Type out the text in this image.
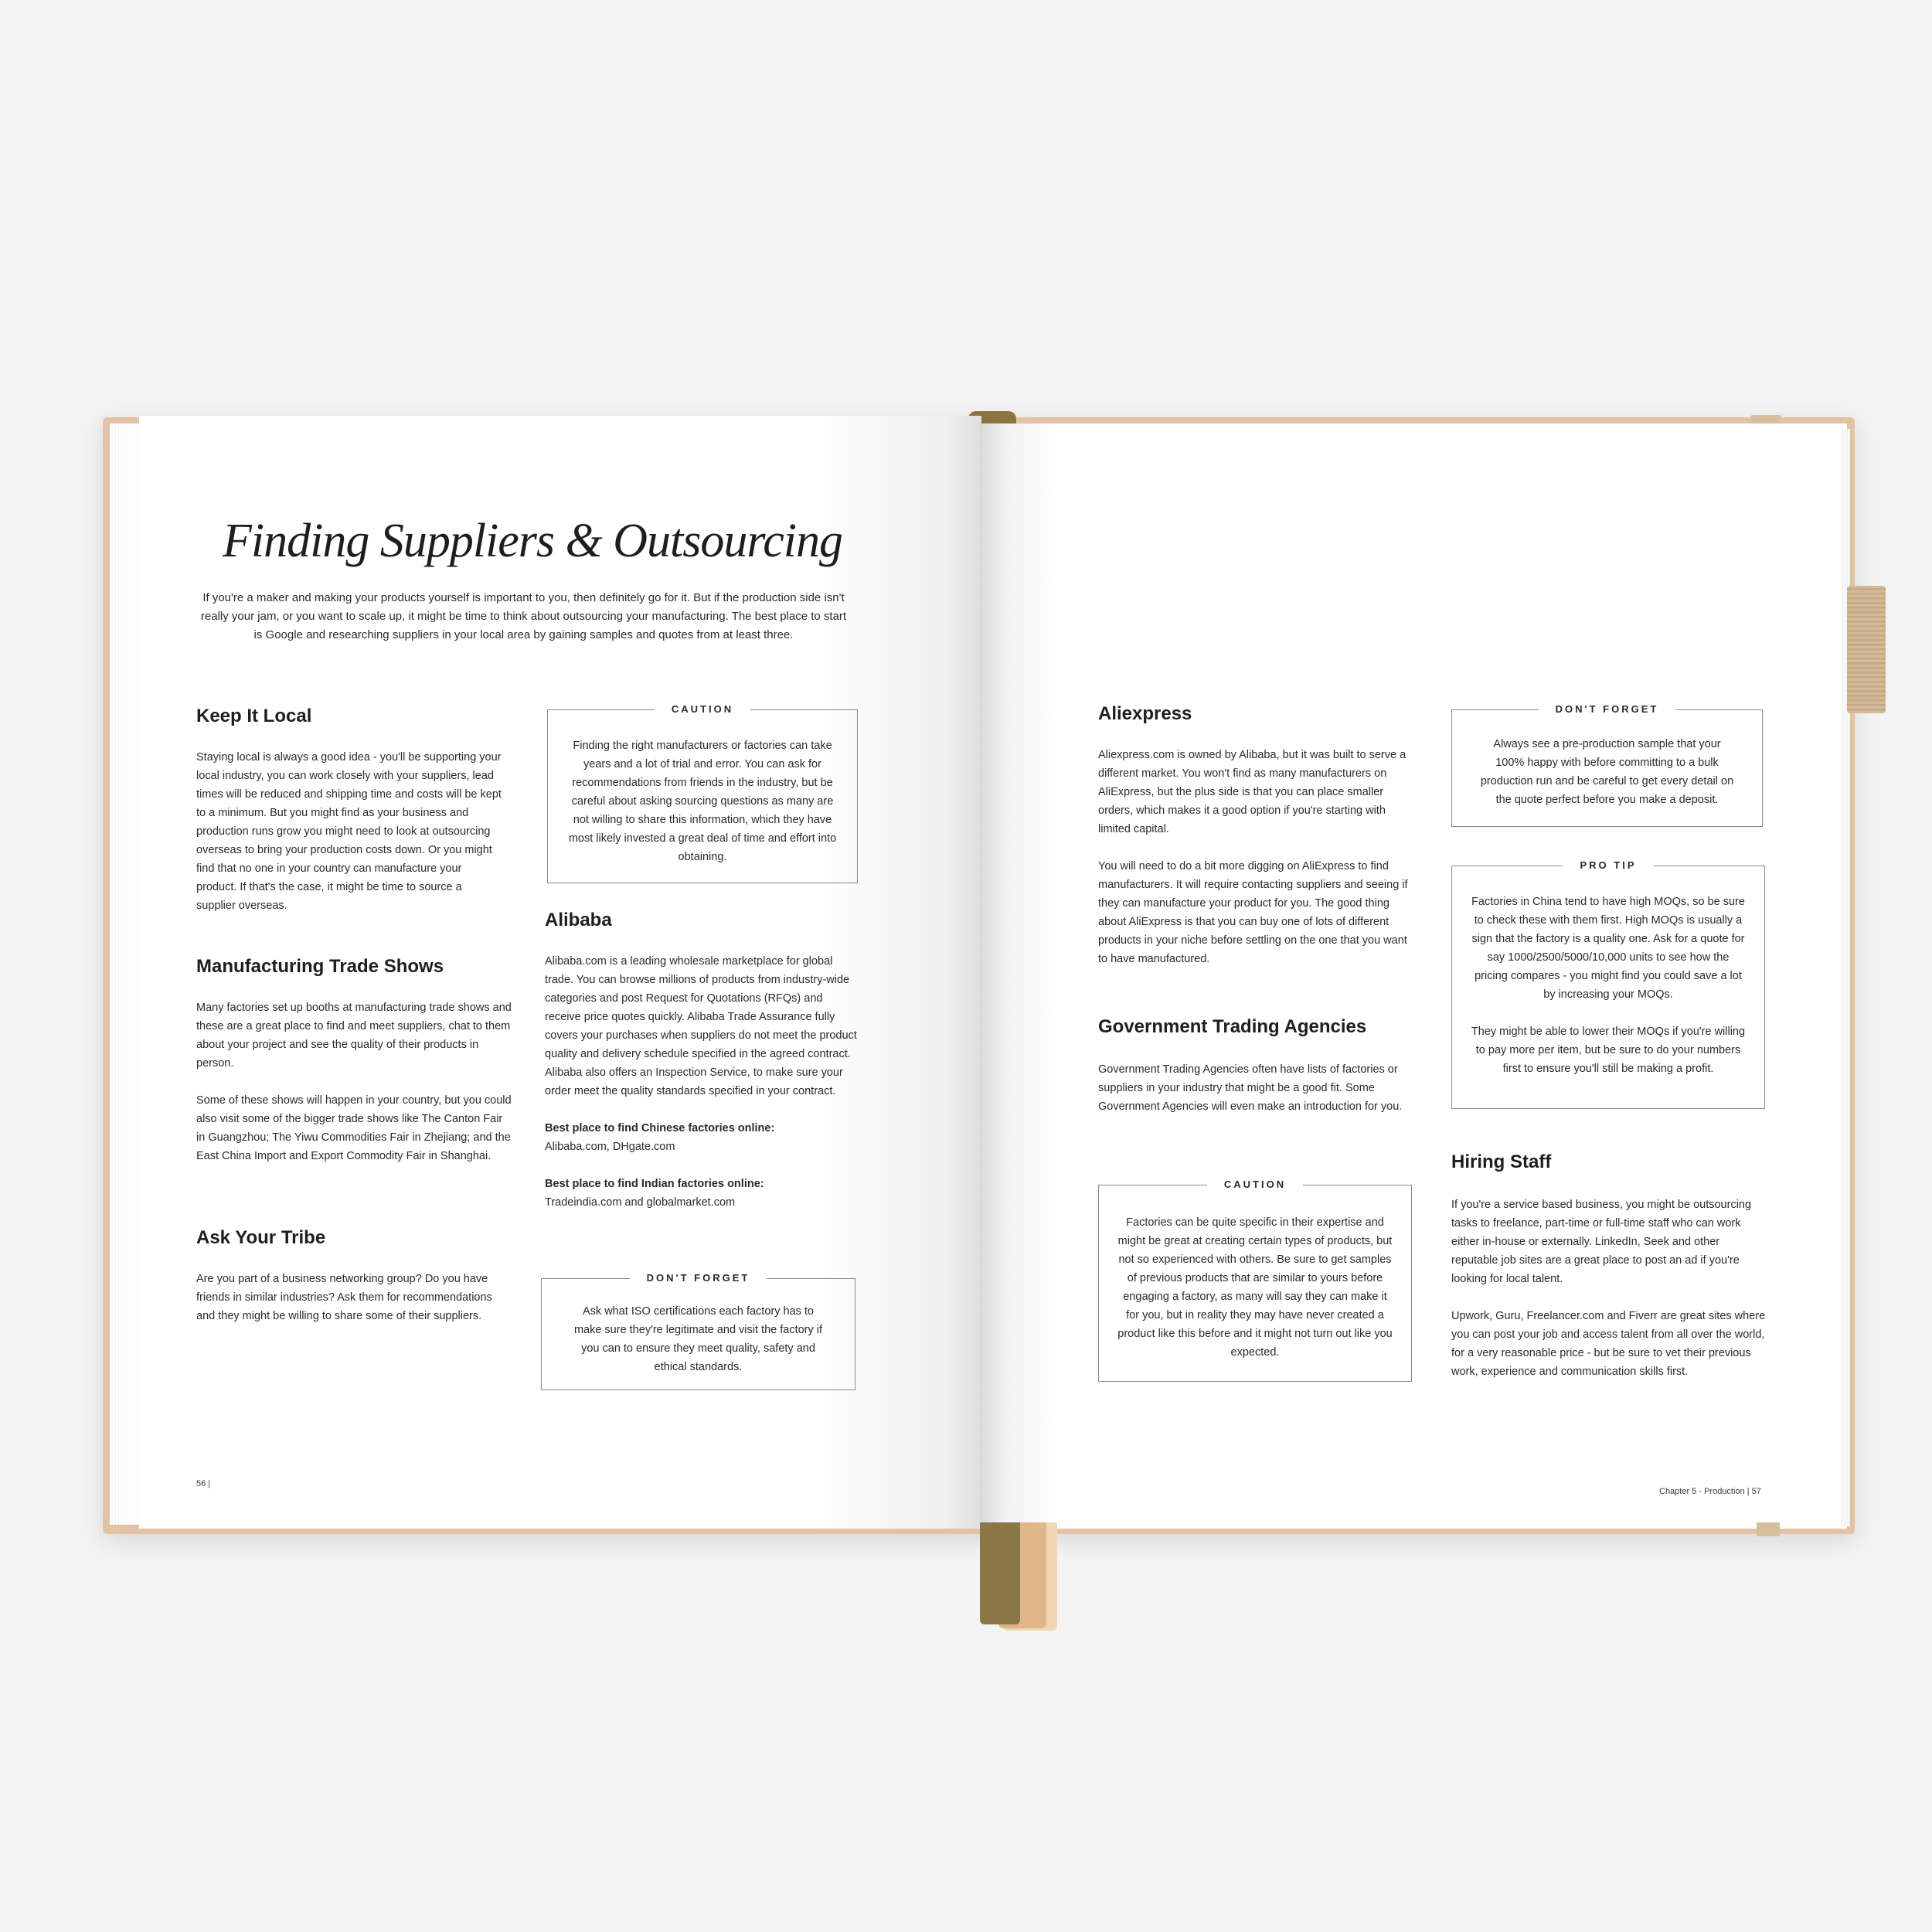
Finding Suppliers & Outsourcing
If you're a maker and making your products yourself is important to you, then definitely go for it. But if the production side isn't really your jam, or you want to scale up, it might be time to think about outsourcing your manufacturing. The best place to start is Google and researching suppliers in your local area by gaining samples and quotes from at least three.
Keep It Local
Staying local is always a good idea - you'll be supporting your local industry, you can work closely with your suppliers, lead times will be reduced and shipping time and costs will be kept to a minimum. But you might find as your business and production runs grow you might need to look at outsourcing overseas to bring your production costs down. Or you might find that no one in your country can manufacture your product. If that's the case, it might be time to source a supplier overseas.
Manufacturing Trade Shows

Many factories set up booths at manufacturing trade shows and these are a great place to find and meet suppliers, chat to them about your project and see the quality of their products in person.

Some of these shows will happen in your country, but you could also visit some of the bigger trade shows like The Canton Fair in Guangzhou; The Yiwu Commodities Fair in Zhejiang; and the East China Import and Export Commodity Fair in Shanghai.

Ask Your Tribe
Are you part of a business networking group? Do you have friends in similar industries? Ask them for recommendations and they might be willing to share some of their suppliers.
CAUTION
Finding the right manufacturers or factories can take years and a lot of trial and error. You can ask for recommendations from friends in the industry, but be careful about asking sourcing questions as many are not willing to share this information, which they have most likely invested a great deal of time and effort into obtaining.
Alibaba

Alibaba.com is a leading wholesale marketplace for global trade. You can browse millions of products from industry-wide categories and post Request for Quotations (RFQs) and receive price quotes quickly. Alibaba Trade Assurance fully covers your purchases when suppliers do not meet the product quality and delivery schedule specified in the agreed contract. Alibaba also offers an Inspection Service, to make sure your order meet the quality standards specified in your contract.

Best place to find Chinese factories online:
Alibaba.com, DHgate.com

Best place to find Indian factories online:
Tradeindia.com and globalmarket.com

DON'T FORGET
Ask what ISO certifications each factory has to make sure they're legitimate and visit the factory if you can to ensure they meet quality, safety and ethical standards.
56 |
Aliexpress

Aliexpress.com is owned by Alibaba, but it was built to serve a different market. You won't find as many manufacturers on AliExpress, but the plus side is that you can place smaller orders, which makes it a good option if you're starting with limited capital.

You will need to do a bit more digging on AliExpress to find manufacturers. It will require contacting suppliers and seeing if they can manufacture your product for you. The good thing about AliExpress is that you can buy one of lots of different products in your niche before settling on the one that you want to have manufactured.

Government Trading Agencies
Government Trading Agencies often have lists of factories or suppliers in your industry that might be a good fit. Some Government Agencies will even make an introduction for you.
CAUTION
Factories can be quite specific in their expertise and might be great at creating certain types of products, but not so experienced with others. Be sure to get samples of previous products that are similar to yours before engaging a factory, as many will say they can make it for you, but in reality they may have never created a product like this before and it might not turn out like you expected.
DON'T FORGET
Always see a pre-production sample that your 100% happy with before committing to a bulk production run and be careful to get every detail on the quote perfect before you make a deposit.
PRO TIP

Factories in China tend to have high MOQs, so be sure to check these with them first. High MOQs is usually a sign that the factory is a quality one. Ask for a quote for say 1000/2500/5000/10,000 units to see how the pricing compares - you might find you could save a lot by increasing your MOQs.

They might be able to lower their MOQs if you're willing to pay more per item, but be sure to do your numbers first to ensure you'll still be making a profit.

Hiring Staff

If you're a service based business, you might be outsourcing tasks to freelance, part-time or full-time staff who can work either in-house or externally. LinkedIn, Seek and other reputable job sites are a great place to post an ad if you're looking for local talent.

Upwork, Guru, Freelancer.com and Fiverr are great sites where you can post your job and access talent from all over the world, for a very reasonable price - but be sure to vet their previous work, experience and communication skills first.

Chapter 5 - Production | 57
